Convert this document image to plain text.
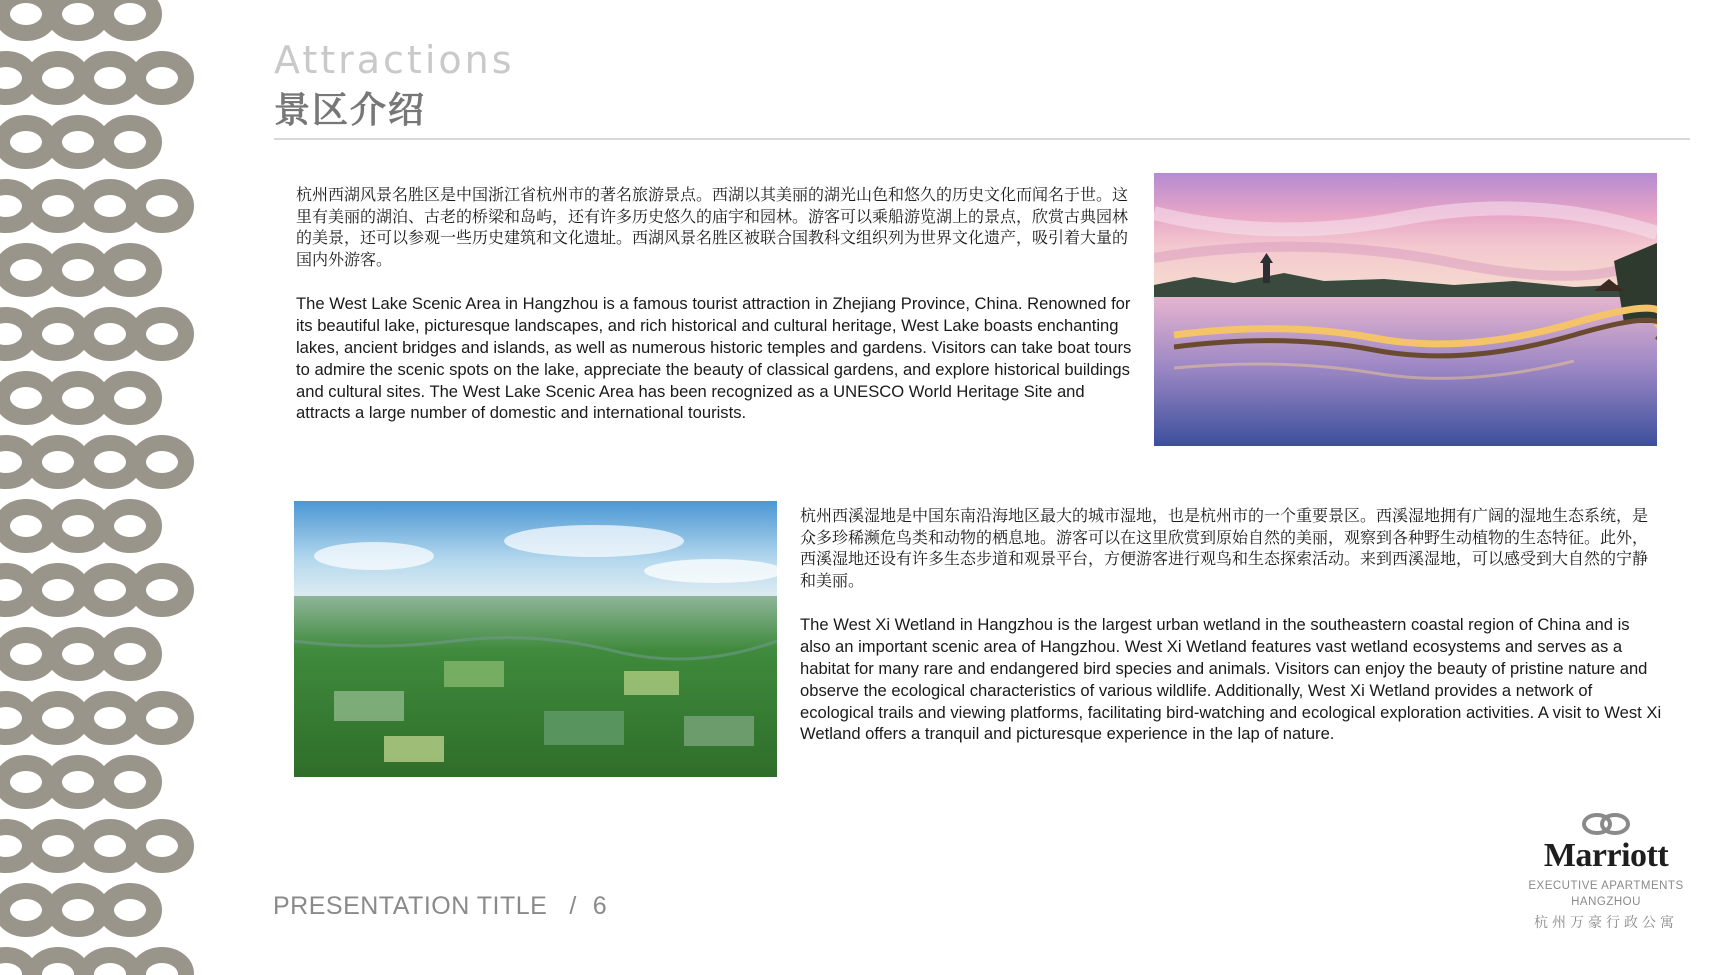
Attractions
景区介绍

杭州西湖风景名胜区是中国浙江省杭州市的著名旅游景点。西湖以其美丽的湖光山色和悠久的历史文化而闻名于世。这里有美丽的湖泊、古老的桥梁和岛屿，还有许多历史悠久的庙宇和园林。游客可以乘船游览湖上的景点，欣赏古典园林的美景，还可以参观一些历史建筑和文化遗址。西湖风景名胜区被联合国教科文组织列为世界文化遗产，吸引着大量的国内外游客。

The West Lake Scenic Area in Hangzhou is a famous tourist attraction in Zhejiang Province, China. Renowned for its beautiful lake, picturesque landscapes, and rich historical and cultural heritage, West Lake boasts enchanting lakes, ancient bridges and islands, as well as numerous historic temples and gardens. Visitors can take boat tours to admire the scenic spots on the lake, appreciate the beauty of classical gardens, and explore historical buildings and cultural sites. The West Lake Scenic Area has been recognized as a UNESCO World Heritage Site and attracts a large number of domestic and international tourists.

杭州西溪湿地是中国东南沿海地区最大的城市湿地，也是杭州市的一个重要景区。西溪湿地拥有广阔的湿地生态系统，是众多珍稀濒危鸟类和动物的栖息地。游客可以在这里欣赏到原始自然的美丽，观察到各种野生动植物的生态特征。此外，西溪湿地还设有许多生态步道和观景平台，方便游客进行观鸟和生态探索活动。来到西溪湿地，可以感受到大自然的宁静和美丽。

The West Xi Wetland in Hangzhou is the largest urban wetland in the southeastern coastal region of China and is also an important scenic area of Hangzhou. West Xi Wetland features vast wetland ecosystems and serves as a habitat for many rare and endangered bird species and animals. Visitors can enjoy the beauty of pristine nature and observe the ecological characteristics of various wildlife. Additionally, West Xi Wetland provides a network of ecological trails and viewing platforms, facilitating bird-watching and ecological exploration activities. A visit to West Xi Wetland offers a tranquil and picturesque experience in the lap of nature.

PRESENTATION TITLE / 6
Marriott
EXECUTIVE APARTMENTS
HANGZHOU
杭州万豪行政公寓
